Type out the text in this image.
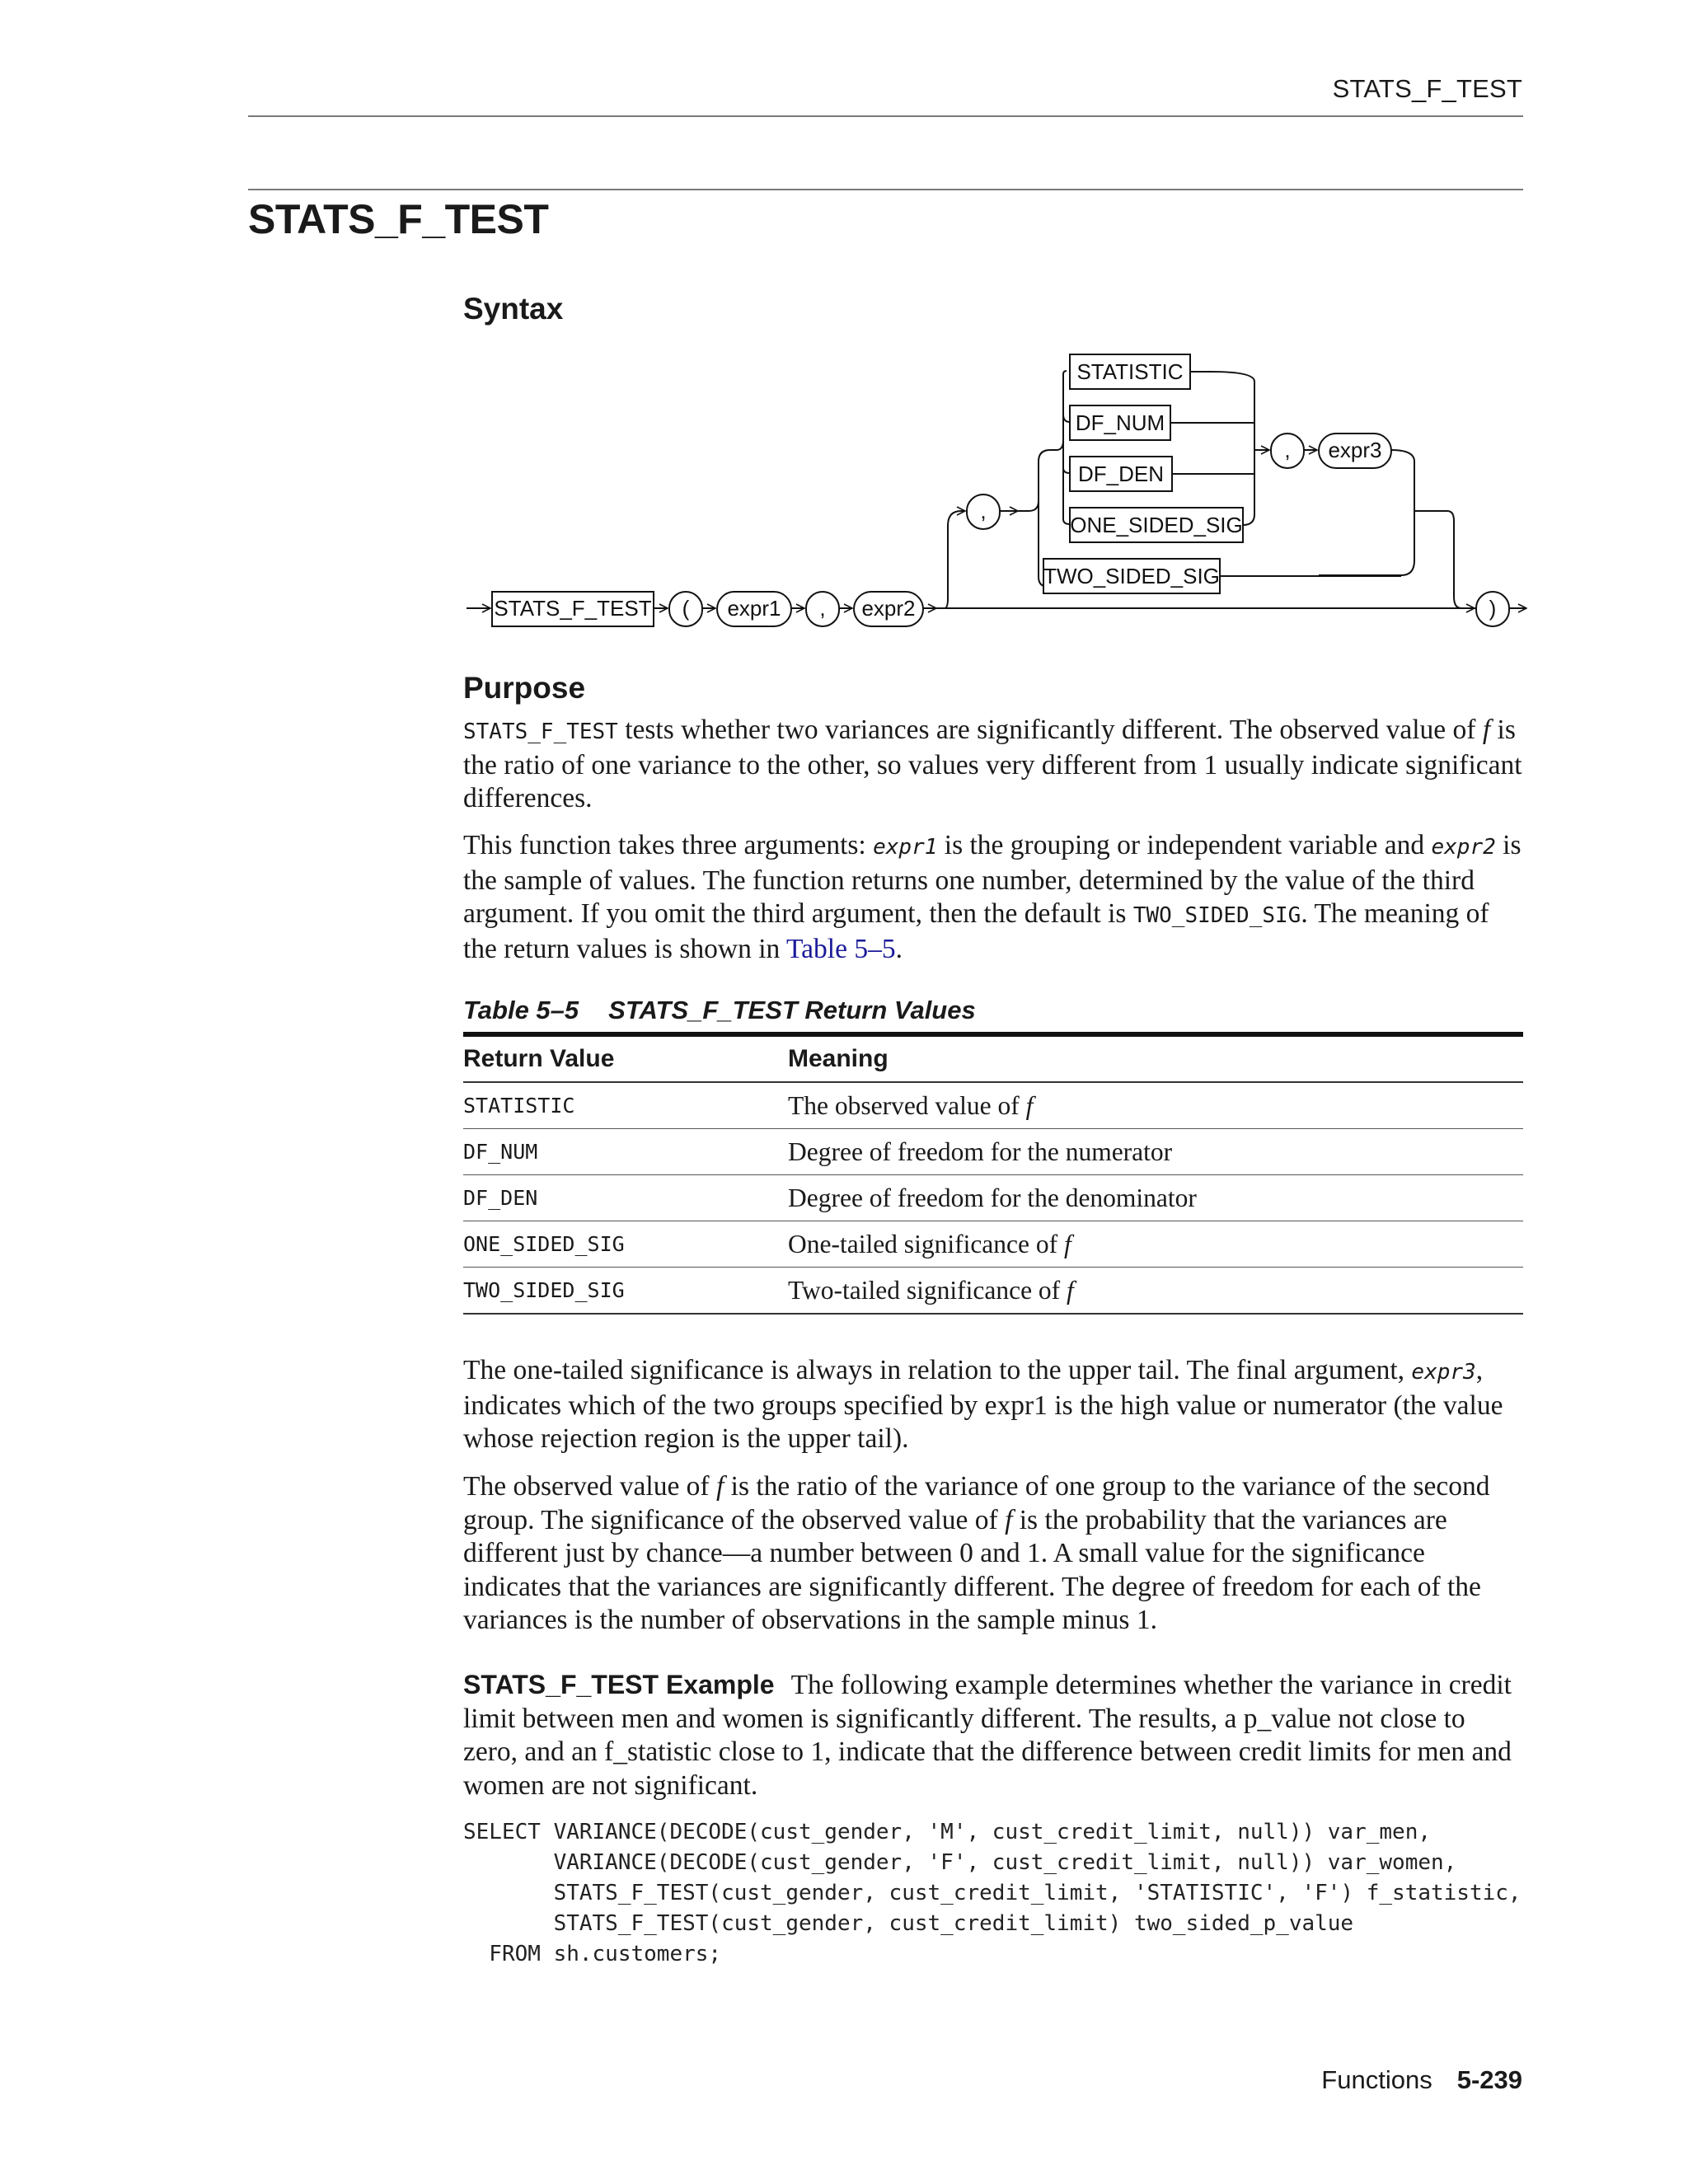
STATS_F_TEST
STATS_F_TEST
Syntax
STATS_F_TEST ( expr1 , expr2	)
,
STATISTIC
DF_NUM
DF_DEN
ONE_SIDED_SIG
TWO_SIDED_SIG
, expr3
Purpose

STATS_F_TEST tests whether two variances are significantly different. The observed value of f is the ratio of one variance to the other, so values very different from 1 usually indicate significant differences.

This function takes three arguments: expr1 is the grouping or independent variable and expr2 is the sample of values. The function returns one number, determined by the value of the third argument. If you omit the third argument, then the default is TWO_SIDED_SIG. The meaning of the return values is shown in Table 5–5.

Table 5–5 STATS_F_TEST Return Values

Return Value	Meaning
STATISTIC	The observed value of f
DF_NUM	Degree of freedom for the numerator
DF_DEN	Degree of freedom for the denominator
ONE_SIDED_SIG	One-tailed significance of f
TWO_SIDED_SIG	Two-tailed significance of f

The one-tailed significance is always in relation to the upper tail. The final argument, expr3, indicates which of the two groups specified by expr1 is the high value or numerator (the value whose rejection region is the upper tail).

The observed value of f is the ratio of the variance of one group to the variance of the second group. The significance of the observed value of f is the probability that the variances are different just by chance—a number between 0 and 1. A small value for the significance indicates that the variances are significantly different. The degree of freedom for each of the variances is the number of observations in the sample minus 1.

STATS_F_TEST Example The following example determines whether the variance in credit limit between men and women is significantly different. The results, a p_value not close to zero, and an f_statistic close to 1, indicate that the difference between credit limits for men and women are not significant.

SELECT VARIANCE(DECODE(cust_gender, 'M', cust_credit_limit, null)) var_men,
VARIANCE(DECODE(cust_gender, 'F', cust_credit_limit, null)) var_women,
STATS_F_TEST(cust_gender, cust_credit_limit, 'STATISTIC', 'F') f_statistic,
STATS_F_TEST(cust_gender, cust_credit_limit) two_sided_p_value
FROM sh.customers;
Functions 5-239
